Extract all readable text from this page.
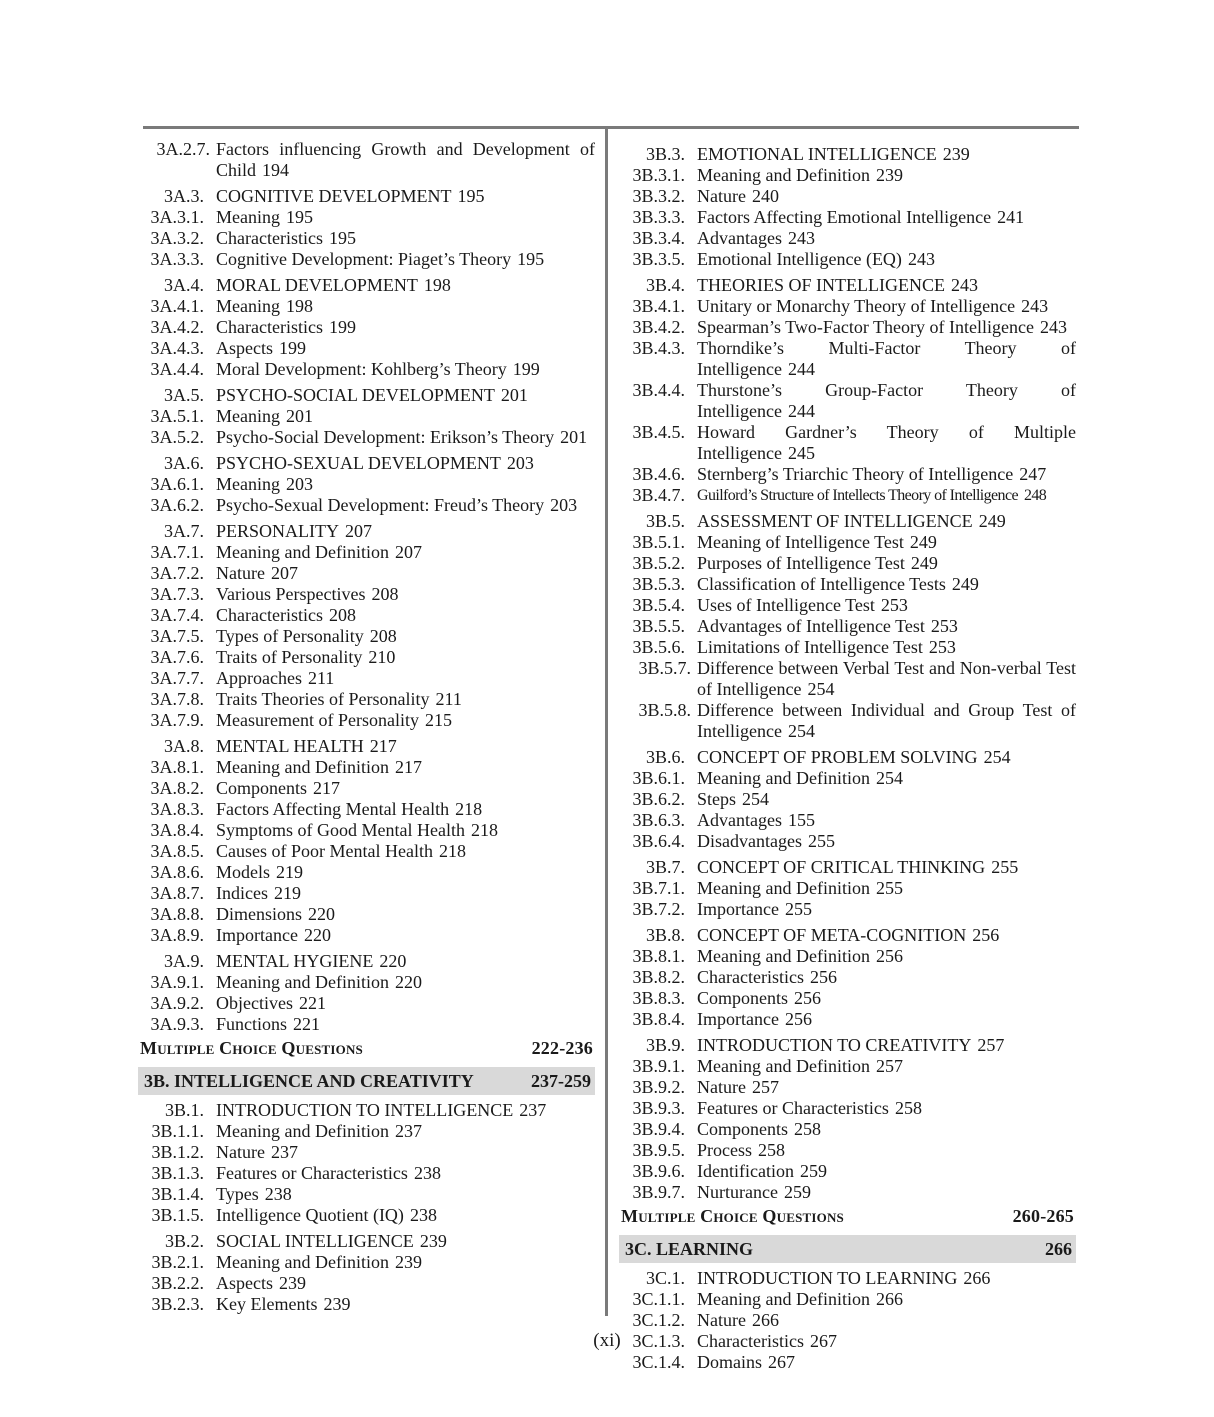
3A.2.7. Factors influencing Growth and Development of Child 194
3A.3. COGNITIVE DEVELOPMENT 195
3A.3.1. Meaning 195
3A.3.2. Characteristics 195
3A.3.3. Cognitive Development: Piaget’s Theory 195
3A.4. MORAL DEVELOPMENT 198
3A.4.1. Meaning 198
3A.4.2. Characteristics 199
3A.4.3. Aspects 199
3A.4.4. Moral Development: Kohlberg’s Theory 199
3A.5. PSYCHO-SOCIAL DEVELOPMENT 201
3A.5.1. Meaning 201
3A.5.2. Psycho-Social Development: Erikson’s Theory 201
3A.6. PSYCHO-SEXUAL DEVELOPMENT 203
3A.6.1. Meaning 203
3A.6.2. Psycho-Sexual Development: Freud’s Theory 203
3A.7. PERSONALITY 207
3A.7.1. Meaning and Definition 207
3A.7.2. Nature 207
3A.7.3. Various Perspectives 208
3A.7.4. Characteristics 208
3A.7.5. Types of Personality 208
3A.7.6. Traits of Personality 210
3A.7.7. Approaches 211
3A.7.8. Traits Theories of Personality 211
3A.7.9. Measurement of Personality 215
3A.8. MENTAL HEALTH 217
3A.8.1. Meaning and Definition 217
3A.8.2. Components 217
3A.8.3. Factors Affecting Mental Health 218
3A.8.4. Symptoms of Good Mental Health 218
3A.8.5. Causes of Poor Mental Health 218
3A.8.6. Models 219
3A.8.7. Indices 219
3A.8.8. Dimensions 220
3A.8.9. Importance 220
3A.9. MENTAL HYGIENE 220
3A.9.1. Meaning and Definition 220
3A.9.2. Objectives 221
3A.9.3. Functions 221
Multiple Choice Questions	222-236
3B. INTELLIGENCE AND CREATIVITY	237-259
3B.1. INTRODUCTION TO INTELLIGENCE 237
3B.1.1. Meaning and Definition 237
3B.1.2. Nature 237
3B.1.3. Features or Characteristics 238
3B.1.4. Types 238
3B.1.5. Intelligence Quotient (IQ) 238
3B.2. SOCIAL INTELLIGENCE 239
3B.2.1. Meaning and Definition 239
3B.2.2. Aspects 239
3B.2.3. Key Elements 239
3B.3. EMOTIONAL INTELLIGENCE 239
3B.3.1. Meaning and Definition 239
3B.3.2. Nature 240
3B.3.3. Factors Affecting Emotional Intelligence 241
3B.3.4. Advantages 243
3B.3.5. Emotional Intelligence (EQ) 243
3B.4. THEORIES OF INTELLIGENCE 243
3B.4.1. Unitary or Monarchy Theory of Intelligence 243
3B.4.2. Spearman’s Two-Factor Theory of Intelligence 243
3B.4.3. Thorndike’s Multi-Factor Theory of Intelligence 244
3B.4.4. Thurstone’s Group-Factor Theory of Intelligence 244
3B.4.5. Howard Gardner’s Theory of Multiple Intelligence 245
3B.4.6. Sternberg’s Triarchic Theory of Intelligence 247
3B.4.7. Guilford’s Structure of Intellects Theory of Intelligence 248
3B.5. ASSESSMENT OF INTELLIGENCE 249
3B.5.1. Meaning of Intelligence Test 249
3B.5.2. Purposes of Intelligence Test 249
3B.5.3. Classification of Intelligence Tests 249
3B.5.4. Uses of Intelligence Test 253
3B.5.5. Advantages of Intelligence Test 253
3B.5.6. Limitations of Intelligence Test 253
3B.5.7. Difference between Verbal Test and Non-verbal Test of Intelligence 254
3B.5.8. Difference between Individual and Group Test of Intelligence 254
3B.6. CONCEPT OF PROBLEM SOLVING 254
3B.6.1. Meaning and Definition 254
3B.6.2. Steps 254
3B.6.3. Advantages 155
3B.6.4. Disadvantages 255
3B.7. CONCEPT OF CRITICAL THINKING 255
3B.7.1. Meaning and Definition 255
3B.7.2. Importance 255
3B.8. CONCEPT OF META-COGNITION 256
3B.8.1. Meaning and Definition 256
3B.8.2. Characteristics 256
3B.8.3. Components 256
3B.8.4. Importance 256
3B.9. INTRODUCTION TO CREATIVITY 257
3B.9.1. Meaning and Definition 257
3B.9.2. Nature 257
3B.9.3. Features or Characteristics 258
3B.9.4. Components 258
3B.9.5. Process 258
3B.9.6. Identification 259
3B.9.7. Nurturance 259
Multiple Choice Questions	260-265
3C. LEARNING	266
3C.1. INTRODUCTION TO LEARNING 266
3C.1.1. Meaning and Definition 266
3C.1.2. Nature 266
3C.1.3. Characteristics 267
3C.1.4. Domains 267
(xi)
